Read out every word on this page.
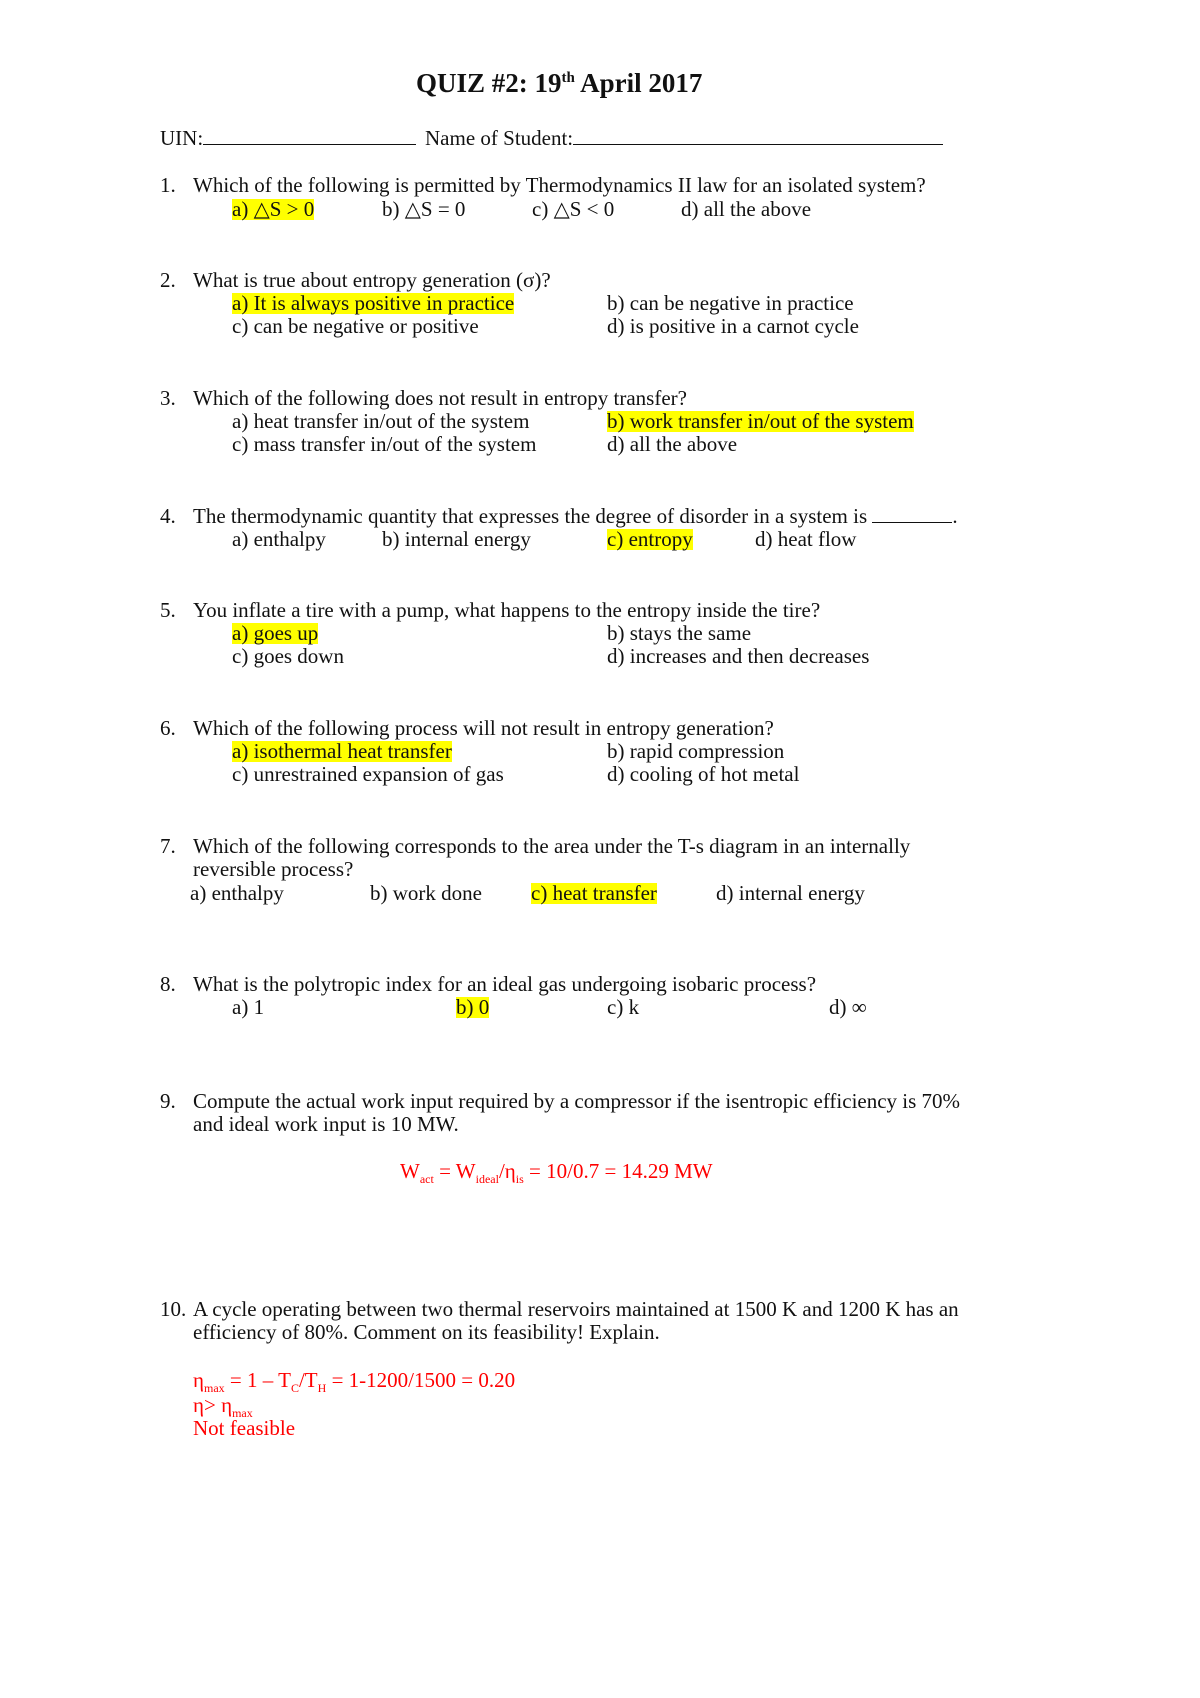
QUIZ #2: 19th April 2017
UIN:	Name of Student:
1. Which of the following is permitted by Thermodynamics II law for an isolated system?
a) △S > 0	b) △S = 0	c) △S < 0	d) all the above
2. What is true about entropy generation (σ)?
a) It is always positive in practice	b) can be negative in practice
c) can be negative or positive	d) is positive in a carnot cycle
3. Which of the following does not result in entropy transfer?
a) heat transfer in/out of the system	b) work transfer in/out of the system
c) mass transfer in/out of the system	d) all the above
4. The thermodynamic quantity that expresses the degree of disorder in a system is	.
a) enthalpy	b) internal energy	c) entropy	d) heat flow
5. You inflate a tire with a pump, what happens to the entropy inside the tire?
a) goes up	b) stays the same
c) goes down	d) increases and then decreases
6. Which of the following process will not result in entropy generation?
a) isothermal heat transfer	b) rapid compression
c) unrestrained expansion of gas	d) cooling of hot metal
7. Which of the following corresponds to the area under the T-s diagram in an internally
reversible process?
a) enthalpy	b) work done c) heat transfer	d) internal energy
8. What is the polytropic index for an ideal gas undergoing isobaric process?
a) 1	b) 0	c) k	d) ∞
9. Compute the actual work input required by a compressor if the isentropic efficiency is 70%
and ideal work input is 10 MW.
$W_{act} = W_{ideal}/\eta_{is} = 10/0.7 = 14.29$ MW
10. A cycle operating between two thermal reservoirs maintained at 1500 K and 1200 K has an
efficiency of 80%. Comment on its feasibility! Explain.
$\eta_{max} = 1 - T_C/T_H = 1-1200/1500 = 0.20$
$\eta> \eta_{max}$
Not feasible
